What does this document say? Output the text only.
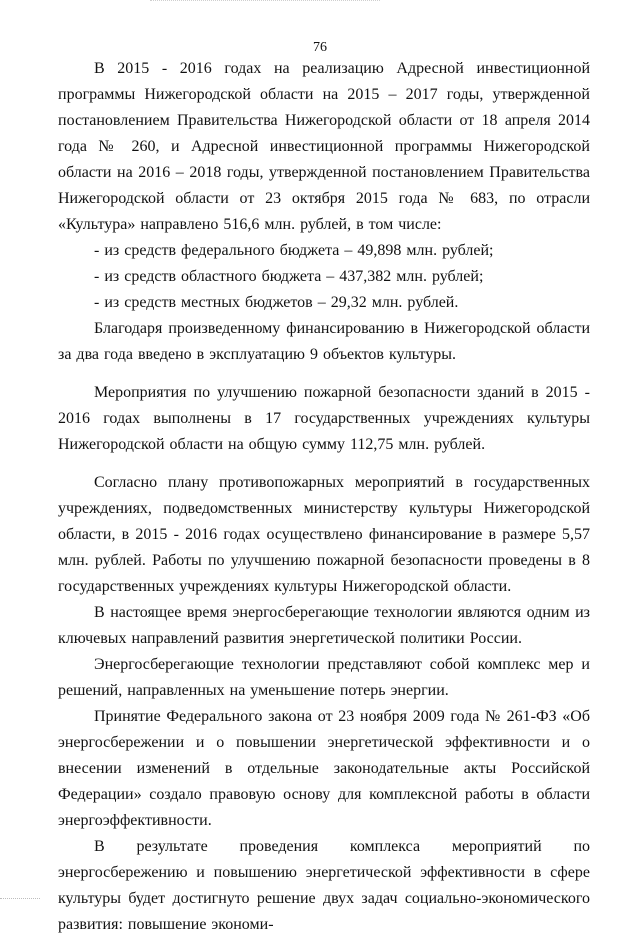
76

В 2015 - 2016 годах на реализацию Адресной инвестиционной программы Нижегородской области на 2015 – 2017 годы, утвержденной постановлением Правительства Нижегородской области от 18 апреля 2014 года № 260, и Адресной инвестиционной программы Нижегородской области на 2016 – 2018 годы, утвержденной постановлением Правительства Нижегородской области от 23 октября 2015 года № 683, по отрасли «Культура» направлено 516,6 млн. рублей, в том числе:

- из средств федерального бюджета – 49,898 млн. рублей;

- из средств областного бюджета – 437,382 млн. рублей;

- из средств местных бюджетов – 29,32 млн. рублей.

Благодаря произведенному финансированию в Нижегородской области за два года введено в эксплуатацию 9 объектов культуры.

Мероприятия по улучшению пожарной безопасности зданий в 2015 - 2016 годах выполнены в 17 государственных учреждениях культуры Нижегородской области на общую сумму 112,75 млн. рублей.

Согласно плану противопожарных мероприятий в государственных учреждениях, подведомственных министерству культуры Нижегородской области, в 2015 - 2016 годах осуществлено финансирование в размере 5,57 млн. рублей. Работы по улучшению пожарной безопасности проведены в 8 государственных учреждениях культуры Нижегородской области.

В настоящее время энергосберегающие технологии являются одним из ключевых направлений развития энергетической политики России.

Энергосберегающие технологии представляют собой комплекс мер и решений, направленных на уменьшение потерь энергии.

Принятие Федерального закона от 23 ноября 2009 года № 261-ФЗ «Об энергосбережении и о повышении энергетической эффективности и о внесении изменений в отдельные законодательные акты Российской Федерации» создало правовую основу для комплексной работы в области энергоэффективности.

В результате проведения комплекса мероприятий по энергосбережению и повышению энергетической эффективности в сфере культуры будет достигнуто решение двух задач социально-экономического развития: повышение экономи-
